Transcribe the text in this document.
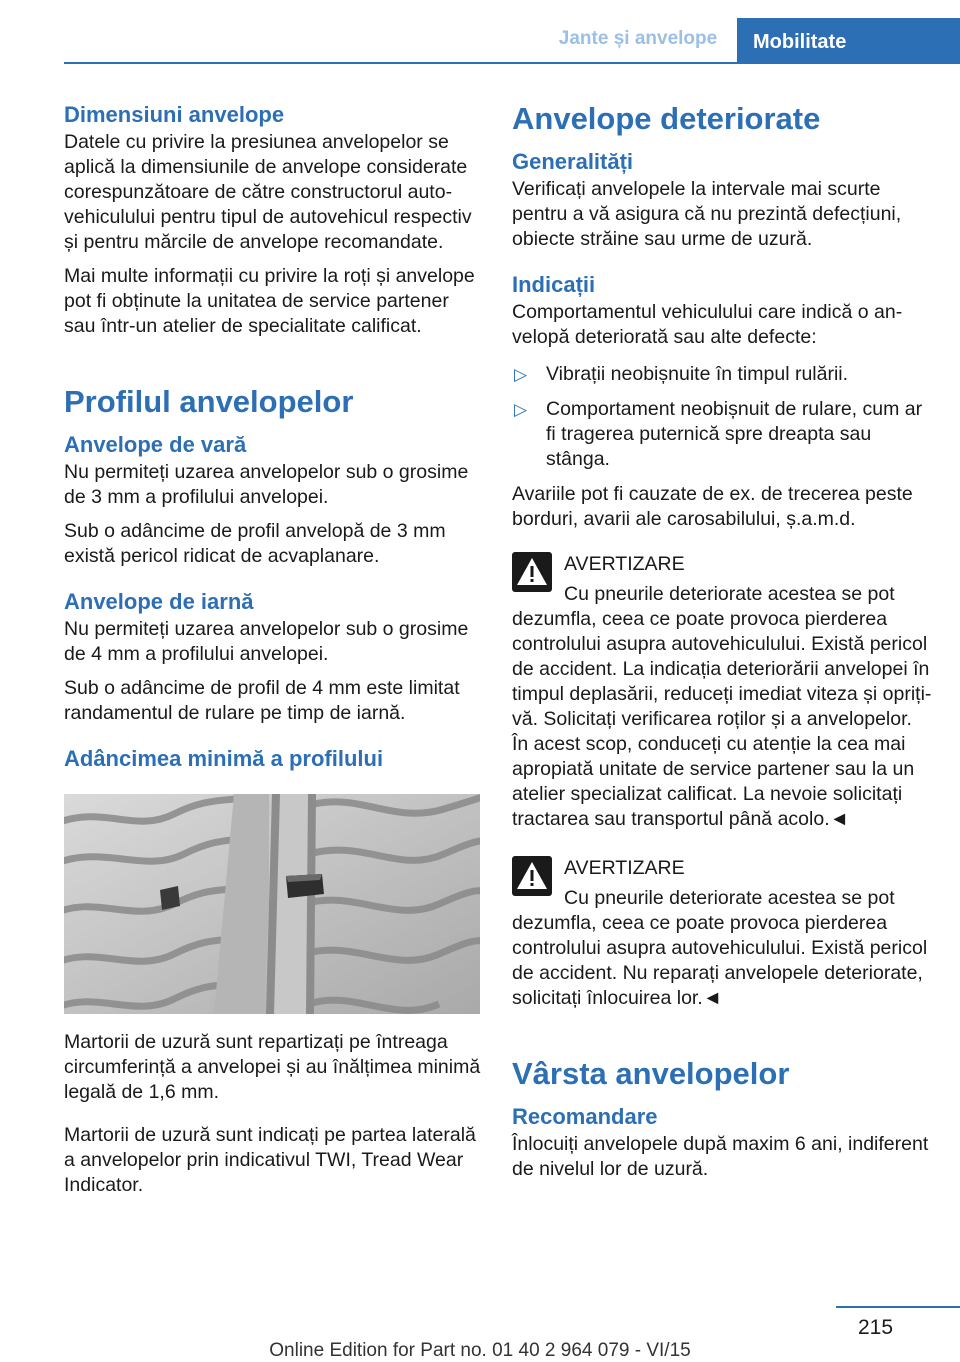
Jante și anvelope	Mobilitate
Dimensiuni anvelope

Datele cu privire la presiunea anvelopelor se aplică la dimensiunile de anvelope considerate corespunzătoare de către constructorul autovehiculului pentru tipul de autovehicul respectiv și pentru mărcile de anvelope recomandate.

Mai multe informații cu privire la roți și anvelope pot fi obținute la unitatea de service partener sau într-un atelier de specialitate calificat.

Profilul anvelopelor
Anvelope de vară

Nu permiteți uzarea anvelopelor sub o grosime de 3 mm a profilului anvelopei.

Sub o adâncime de profil anvelopă de 3 mm există pericol ridicat de acvaplanare.

Anvelope de iarnă

Nu permiteți uzarea anvelopelor sub o grosime de 4 mm a profilului anvelopei.

Sub o adâncime de profil de 4 mm este limitat randamentul de rulare pe timp de iarnă.

Adâncimea minimă a profilului

Martorii de uzură sunt repartizați pe întreaga circumferință a anvelopei și au înălțimea minimă legală de 1,6 mm.

Martorii de uzură sunt indicați pe partea laterală a anvelopelor prin indicativul TWI, Tread Wear Indicator.

Anvelope deteriorate
Generalități

Verificați anvelopele la intervale mai scurte pentru a vă asigura că nu prezintă defecțiuni, obiecte străine sau urme de uzură.

Indicații

Comportamentul vehiculului care indică o anvelopă deteriorată sau alte defecte:

▷ Vibrații neobișnuite în timpul rulării.
▷ Comportament neobișnuit de rulare, cum ar fi tragerea puternică spre dreapta sau stânga.

Avariile pot fi cauzate de ex. de trecerea peste borduri, avarii ale carosabilului, ș.a.m.d.

AVERTIZARE

Cu pneurile deteriorate acestea se pot dezumfla, ceea ce poate provoca pierderea controlului asupra autovehiculului. Există pericol de accident. La indicația deteriorării anvelopei în timpul deplasării, reduceți imediat viteza și opriți-vă. Solicitați verificarea roților și a anvelopelor. În acest scop, conduceți cu atenție la cea mai apropiată unitate de service partener sau la un atelier specializat calificat. La nevoie solicitați tractarea sau transportul până acolo.◄

AVERTIZARE

Cu pneurile deteriorate acestea se pot dezumfla, ceea ce poate provoca pierderea controlului asupra autovehiculului. Există pericol de accident. Nu reparați anvelopele deteriorate, solicitați înlocuirea lor.◄

Vârsta anvelopelor
Recomandare

Înlocuiți anvelopele după maxim 6 ani, indiferent de nivelul lor de uzură.

215
Online Edition for Part no. 01 40 2 964 079 - VI/15
